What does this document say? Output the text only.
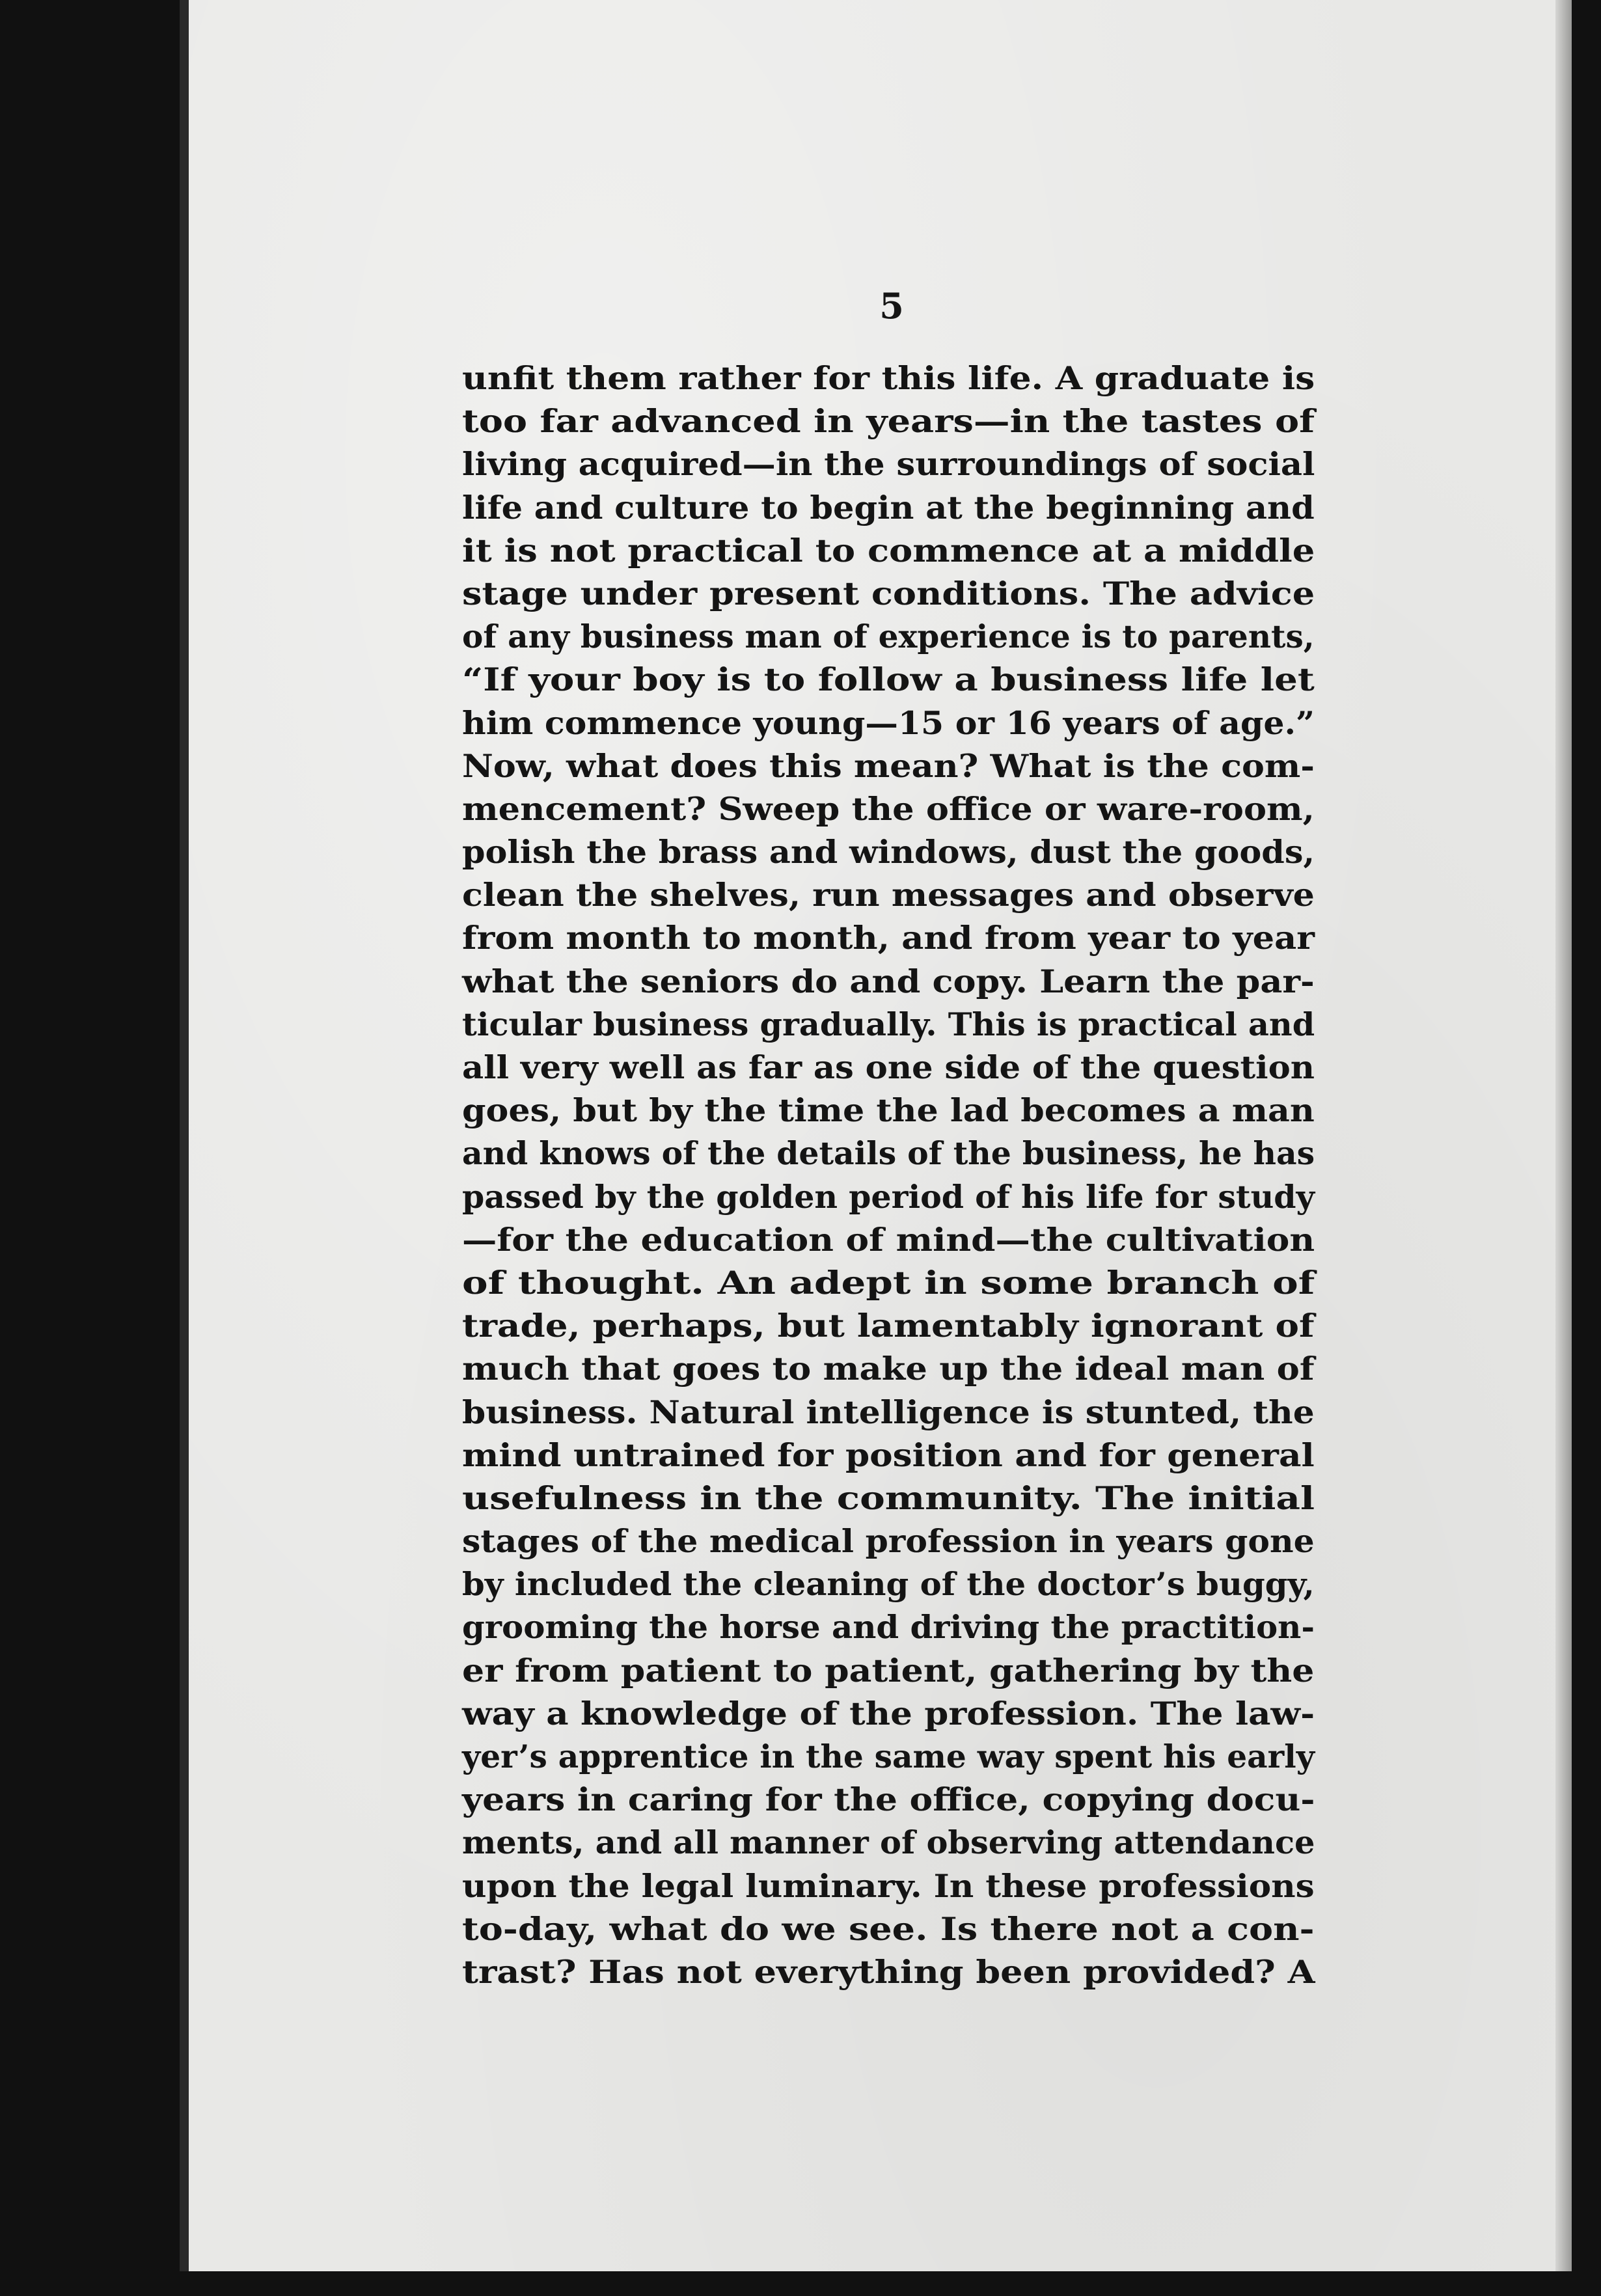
5
unfit them rather for this life. A graduate is
too far advanced in years—in the tastes of
living acquired—in the surroundings of social
life and culture to begin at the beginning and
it is not practical to commence at a middle
stage under present conditions. The advice
of any business man of experience is to parents,
“If your boy is to follow a business life let
him commence young—15 or 16 years of age.”
Now, what does this mean? What is the com-
mencement? Sweep the office or ware-room,
polish the brass and windows, dust the goods,
clean the shelves, run messages and observe
from month to month, and from year to year
what the seniors do and copy. Learn the par-
ticular business gradually. This is practical and
all very well as far as one side of the question
goes, but by the time the lad becomes a man
and knows of the details of the business, he has
passed by the golden period of his life for study
—for the education of mind—the cultivation
of thought. An adept in some branch of
trade, perhaps, but lamentably ignorant of
much that goes to make up the ideal man of
business. Natural intelligence is stunted, the
mind untrained for position and for general
usefulness in the community. The initial
stages of the medical profession in years gone
by included the cleaning of the doctor’s buggy,
grooming the horse and driving the practition-
er from patient to patient, gathering by the
way a knowledge of the profession. The law-
yer’s apprentice in the same way spent his early
years in caring for the office, copying docu-
ments, and all manner of observing attendance
upon the legal luminary. In these professions
to-day, what do we see. Is there not a con-
trast? Has not everything been provided? A
